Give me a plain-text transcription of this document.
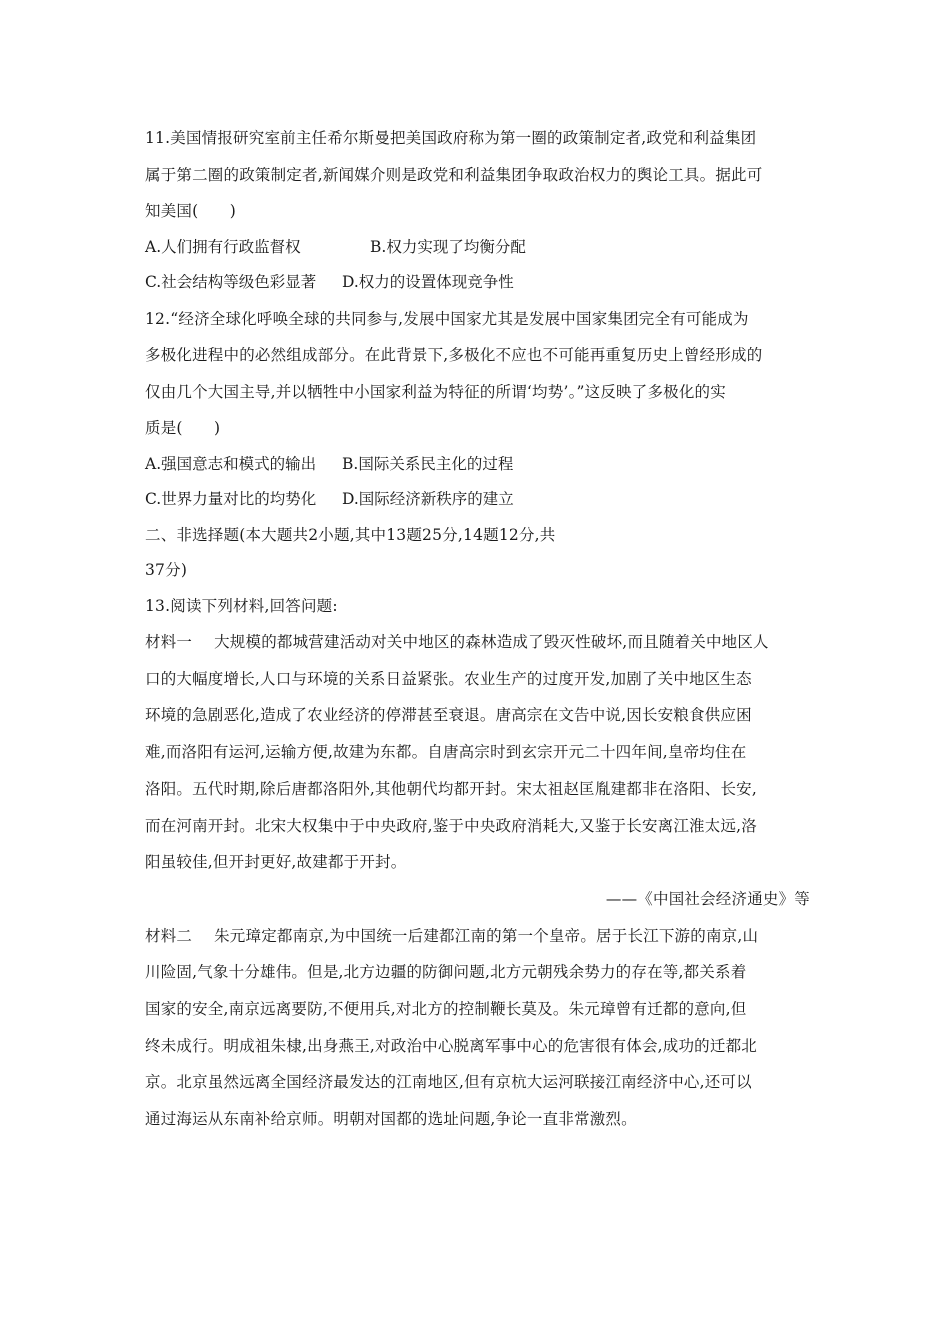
11.美国情报研究室前主任希尔斯曼把美国政府称为第一圈的政策制定者,政党和利益集团
属于第二圈的政策制定者,新闻媒介则是政党和利益集团争取政治权力的舆论工具。据此可
知美国(　　)
A.人们拥有行政监督权	B.权力实现了均衡分配
C.社会结构等级色彩显著	D.权力的设置体现竞争性
12.“经济全球化呼唤全球的共同参与,发展中国家尤其是发展中国家集团完全有可能成为
多极化进程中的必然组成部分。在此背景下,多极化不应也不可能再重复历史上曾经形成的
仅由几个大国主导,并以牺牲中小国家利益为特征的所谓‘均势’。”这反映了多极化的实
质是(　　)
A.强国意志和模式的输出	B.国际关系民主化的过程
C.世界力量对比的均势化	D.国际经济新秩序的建立
二、非选择题(本大题共2小题,其中13题25分,14题12分,共
37分)
13.阅读下列材料,回答问题:
材料一 大规模的都城营建活动对关中地区的森林造成了毁灭性破坏,而且随着关中地区人
口的大幅度增长,人口与环境的关系日益紧张。农业生产的过度开发,加剧了关中地区生态
环境的急剧恶化,造成了农业经济的停滞甚至衰退。唐高宗在文告中说,因长安粮食供应困
难,而洛阳有运河,运输方便,故建为东都。自唐高宗时到玄宗开元二十四年间,皇帝均住在
洛阳。五代时期,除后唐都洛阳外,其他朝代均都开封。宋太祖赵匡胤建都非在洛阳、长安,
而在河南开封。北宋大权集中于中央政府,鉴于中央政府消耗大,又鉴于长安离江淮太远,洛
阳虽较佳,但开封更好,故建都于开封。
——《中国社会经济通史》等
材料二 朱元璋定都南京,为中国统一后建都江南的第一个皇帝。居于长江下游的南京,山
川险固,气象十分雄伟。但是,北方边疆的防御问题,北方元朝残余势力的存在等,都关系着
国家的安全,南京远离要防,不便用兵,对北方的控制鞭长莫及。朱元璋曾有迁都的意向,但
终未成行。明成祖朱棣,出身燕王,对政治中心脱离军事中心的危害很有体会,成功的迁都北
京。北京虽然远离全国经济最发达的江南地区,但有京杭大运河联接江南经济中心,还可以
通过海运从东南补给京师。明朝对国都的选址问题,争论一直非常激烈。
